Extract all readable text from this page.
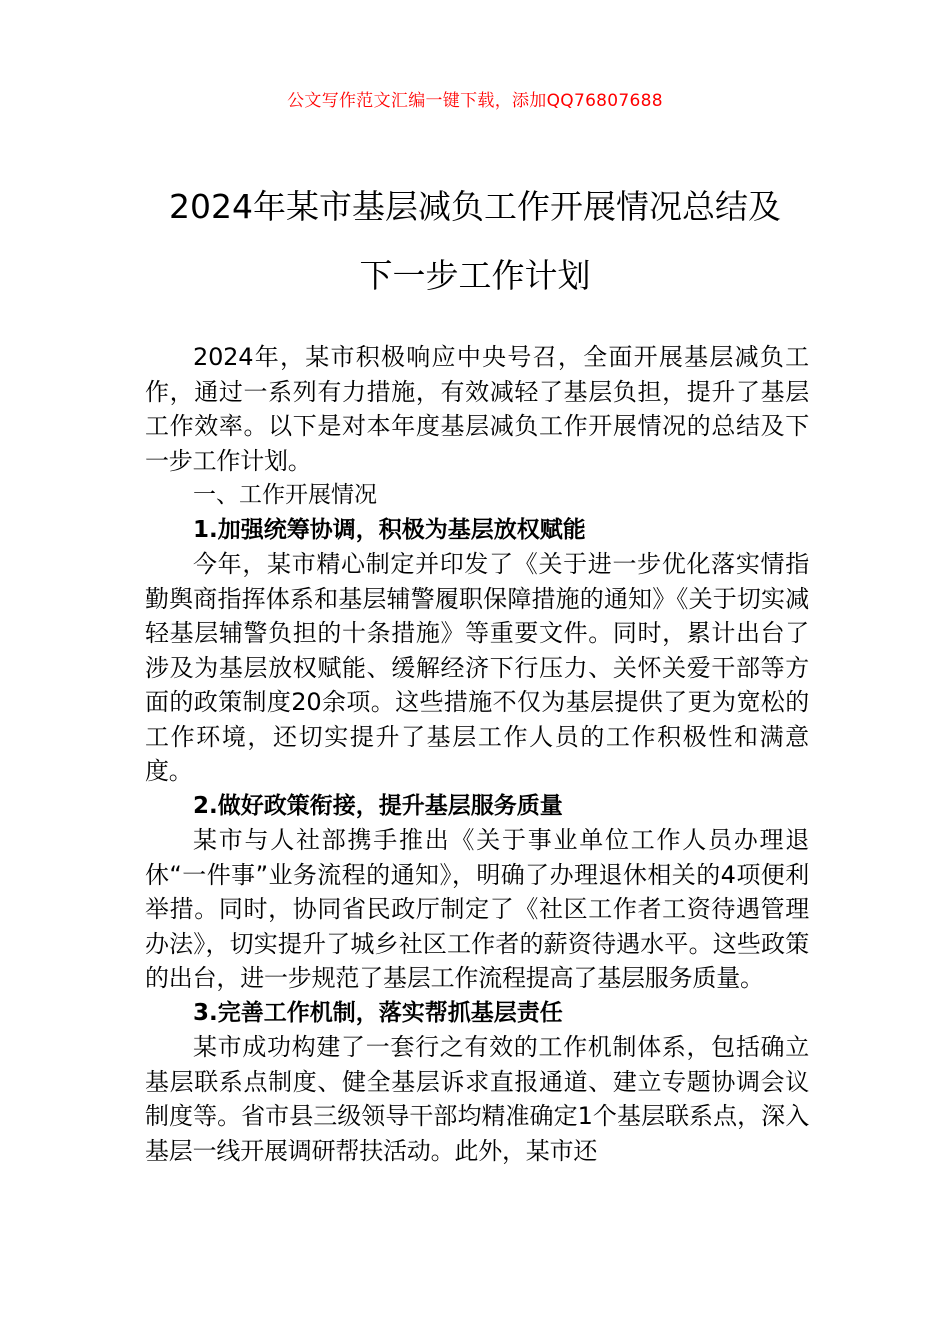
公文写作范文汇编一键下载，添加QQ76807688
2024年某市基层减负工作开展情况总结及
下一步工作计划

2024年，某市积极响应中央号召，全面开展基层减负工作，通过一系列有力措施，有效减轻了基层负担，提升了基层工作效率。以下是对本年度基层减负工作开展情况的总结及下一步工作计划。

一、工作开展情况

1.加强统筹协调，积极为基层放权赋能

今年，某市精心制定并印发了《关于进一步优化落实情指勤舆商指挥体系和基层辅警履职保障措施的通知》《关于切实减轻基层辅警负担的十条措施》等重要文件。同时，累计出台了涉及为基层放权赋能、缓解经济下行压力、关怀关爱干部等方面的政策制度20余项。这些措施不仅为基层提供了更为宽松的工作环境，还切实提升了基层工作人员的工作积极性和满意度。

2.做好政策衔接，提升基层服务质量

某市与人社部携手推出《关于事业单位工作人员办理退休“一件事”业务流程的通知》，明确了办理退休相关的4项便利举措。同时，协同省民政厅制定了《社区工作者工资待遇管理办法》，切实提升了城乡社区工作者的薪资待遇水平。这些政策的出台，进一步规范了基层工作流程提高了基层服务质量。

3.完善工作机制，落实帮抓基层责任

某市成功构建了一套行之有效的工作机制体系，包括确立基层联系点制度、健全基层诉求直报通道、建立专题协调会议制度等。省市县三级领导干部均精准确定1个基层联系点，深入基层一线开展调研帮扶活动。此外，某市还
